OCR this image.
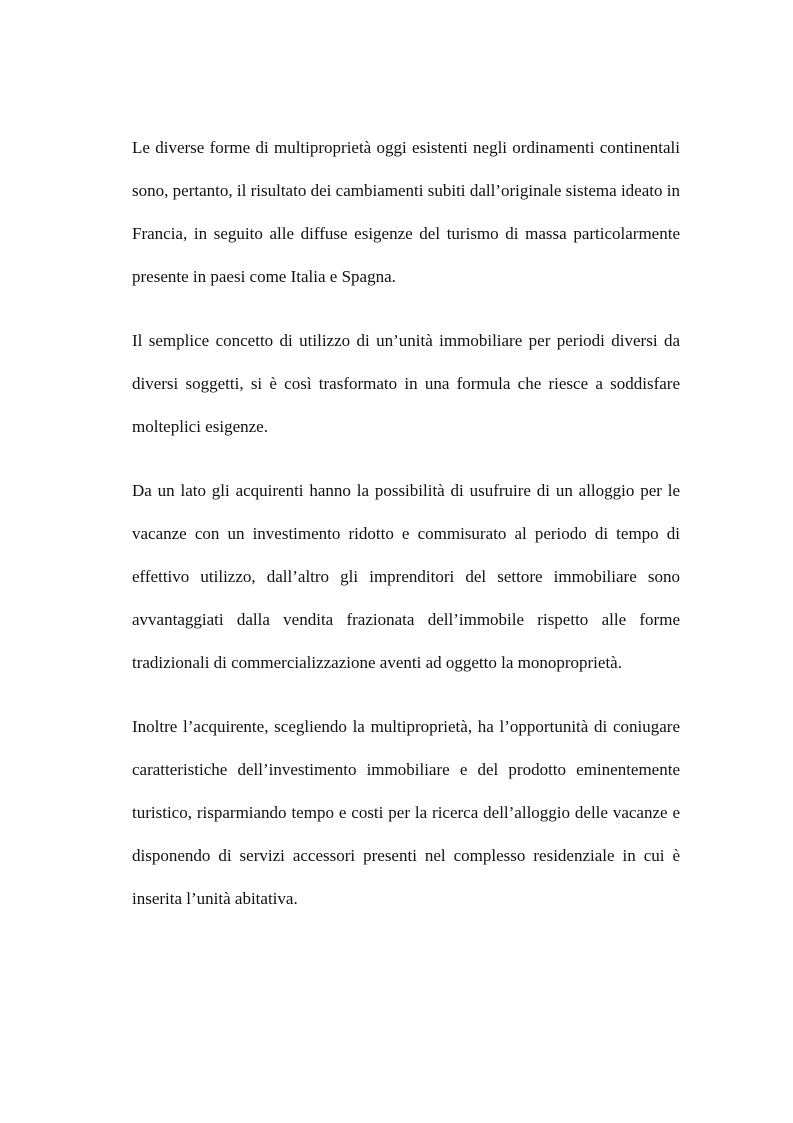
Le diverse forme di multiproprietà oggi esistenti negli ordinamenti continentali sono, pertanto, il risultato dei cambiamenti subiti dall’originale sistema ideato in Francia, in seguito alle diffuse esigenze del turismo di massa particolarmente presente in paesi come Italia e Spagna.

Il semplice concetto di utilizzo di un’unità immobiliare per periodi diversi da diversi soggetti, si è così trasformato in una formula che riesce a soddisfare molteplici esigenze.

Da un lato gli acquirenti hanno la possibilità di usufruire di un alloggio per le vacanze con un investimento ridotto e commisurato al periodo di tempo di effettivo utilizzo, dall’altro gli imprenditori del settore immobiliare sono avvantaggiati dalla vendita frazionata dell’immobile rispetto alle forme tradizionali di commercializzazione aventi ad oggetto la monoproprietà.

Inoltre l’acquirente, scegliendo la multiproprietà, ha l’opportunità di coniugare caratteristiche dell’investimento immobiliare e del prodotto eminentemente turistico, risparmiando tempo e costi per la ricerca dell’alloggio delle vacanze e disponendo di servizi accessori presenti nel complesso residenziale in cui è inserita l’unità abitativa.
